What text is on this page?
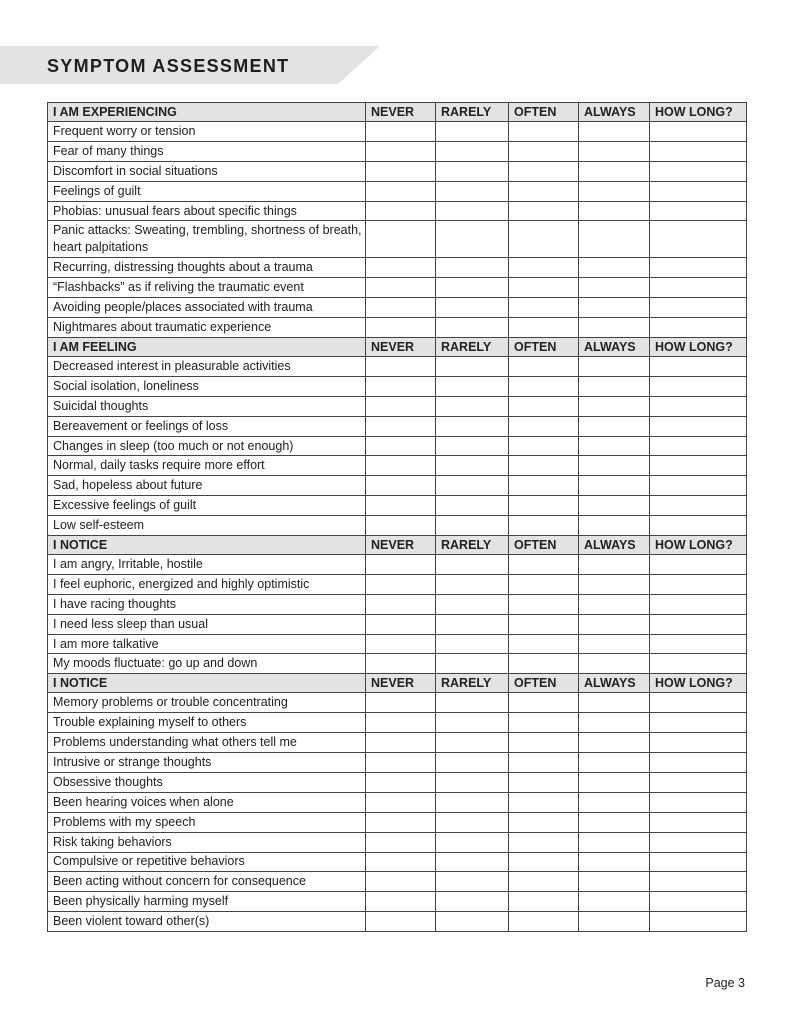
SYMPTOM ASSESSMENT
I AM EXPERIENCING	NEVER	RARELY	OFTEN	ALWAYS	HOW LONG?
Frequent worry or tension					
Fear of many things					
Discomfort in social situations					
Feelings of guilt					
Phobias: unusual fears about specific things					
Panic attacks: Sweating, trembling, shortness of breath, heart palpitations					
Recurring, distressing thoughts about a trauma					
“Flashbacks” as if reliving the traumatic event					
Avoiding people/places associated with trauma					
Nightmares about traumatic experience					
I AM FEELING	NEVER	RARELY	OFTEN	ALWAYS	HOW LONG?
Decreased interest in pleasurable activities					
Social isolation, loneliness					
Suicidal thoughts					
Bereavement or feelings of loss					
Changes in sleep (too much or not enough)					
Normal, daily tasks require more effort					
Sad, hopeless about future					
Excessive feelings of guilt					
Low self-esteem					
I NOTICE	NEVER	RARELY	OFTEN	ALWAYS	HOW LONG?
I am angry, Irritable, hostile					
I feel euphoric, energized and highly optimistic					
I have racing thoughts					
I need less sleep than usual					
I am more talkative					
My moods fluctuate: go up and down					
I NOTICE	NEVER	RARELY	OFTEN	ALWAYS	HOW LONG?
Memory problems or trouble concentrating					
Trouble explaining myself to others					
Problems understanding what others tell me					
Intrusive or strange thoughts					
Obsessive thoughts					
Been hearing voices when alone					
Problems with my speech					
Risk taking behaviors					
Compulsive or repetitive behaviors					
Been acting without concern for consequence					
Been physically harming myself					
Been violent toward other(s)					
Page 3
